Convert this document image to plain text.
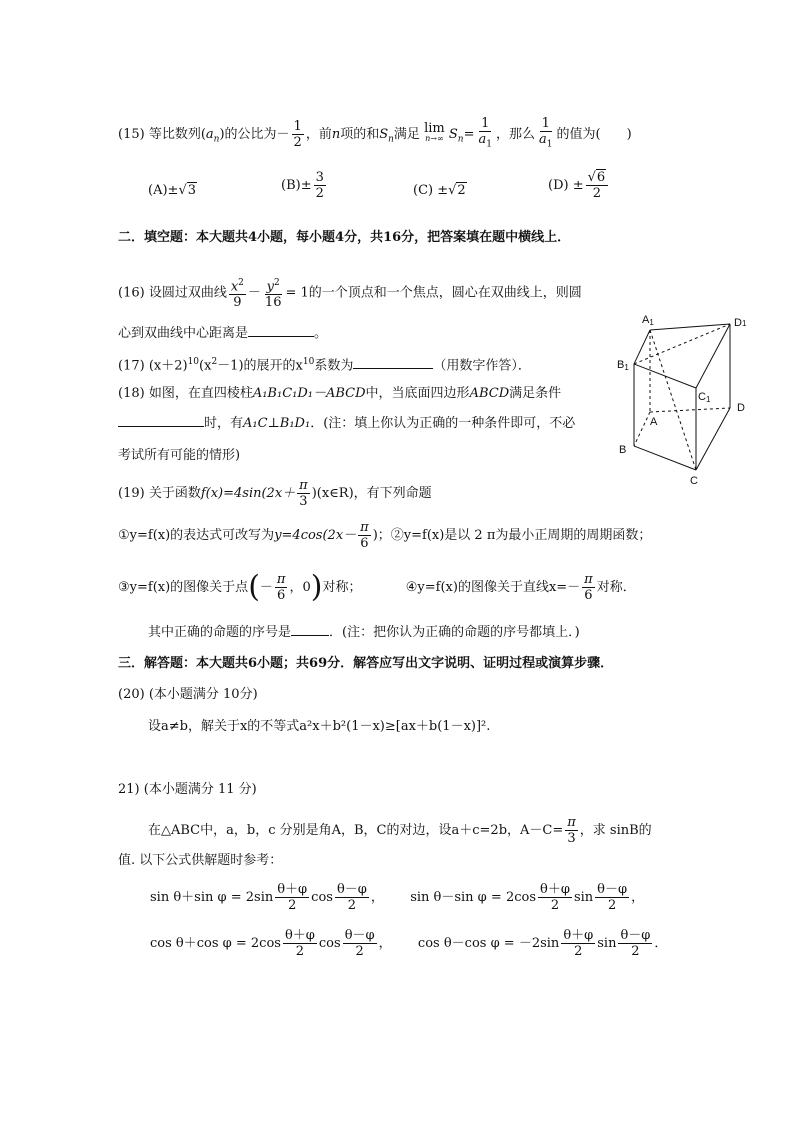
(15) 等比数列$(a_n)$的公比为－ $\frac{1}{2}$ ，前n项的和$S_n$满足 lim
n→∞ $S_n= \frac{1}{a_1}$ ，那么 $\frac{1}{a_1}$ 的值为(　　)
(A)±√3	$(B)\pm \frac{3}{2}$	(C) ±√2	$(D) \pm \frac{√6}{2}$
二．填空题：本大题共4小题，每小题4分，共16分，把答案填在题中横线上．
(16) 设圆过双曲线 $\frac{x^2}{9} - \frac{y^2}{16} = 1$的一个顶点和一个焦点，圆心在双曲线上，则圆
心到双曲线中心距离是	。
(17) $(x+2)^{10}(x^2-1)$的展开的$x^{10}$系数为	（用数字作答）．
(18) 如图，在直四棱柱A₁B₁C₁D₁－ABCD中，当底面四边形ABCD满足条件
时，有A₁C⊥B₁D₁．(注：填上你认为正确的一种条件即可，不必
考试所有可能的情形)
A1	D1
B1
C1
A
D
B
C
(19) 关于函数$f(x)=4\sin(2x+ \frac{\pi}{3}$ )(x∈R)，有下列命题
①y=f(x)的表达式可改写为$y=4\cos(2x- \frac{\pi}{6}$ )；②y=f(x)是以 2 π为最小正周期的周期函数；
③y=f(x)的图像关于点(－ $\frac{\pi}{6}$ ，0)对称；	④y=f(x)的图像关于直线$x=- \frac{\pi}{6}$ 对称．
其中正确的命题的序号是	．(注：把你认为正确的命题的序号都填上．)
三．解答题：本大题共6小题；共69分．解答应写出文字说明、证明过程或演算步骤．
(20) (本小题满分 10分)
设a≠b，解关于x的不等式a²x＋b²(1－x)≥[ax＋b(1－x)]².
21) (本小题满分 11 分)
在△ABC中，a，b，c 分别是角A，B，C的对边，设a＋c=2b，$A-C= \frac{\pi}{3}$ ，求 sinB的
值. 以下公式供解题时参考：
sin θ＋sin $\varphi = 2\sin \frac{\theta+\varphi}{2}$ $\cos \frac{\theta-\varphi}{2}$ ， sin θ－sin $\varphi = 2\cos \frac{\theta+\varphi}{2}$ $\sin \frac{\theta-\varphi}{2}$ ，
cos θ＋cos $\varphi = 2\cos \frac{\theta+\varphi}{2}$ $\cos \frac{\theta-\varphi}{2}$ ， cos θ－cos $\varphi = -2\sin \frac{\theta+\varphi}{2}$ $\sin \frac{\theta-\varphi}{2}$ ．
